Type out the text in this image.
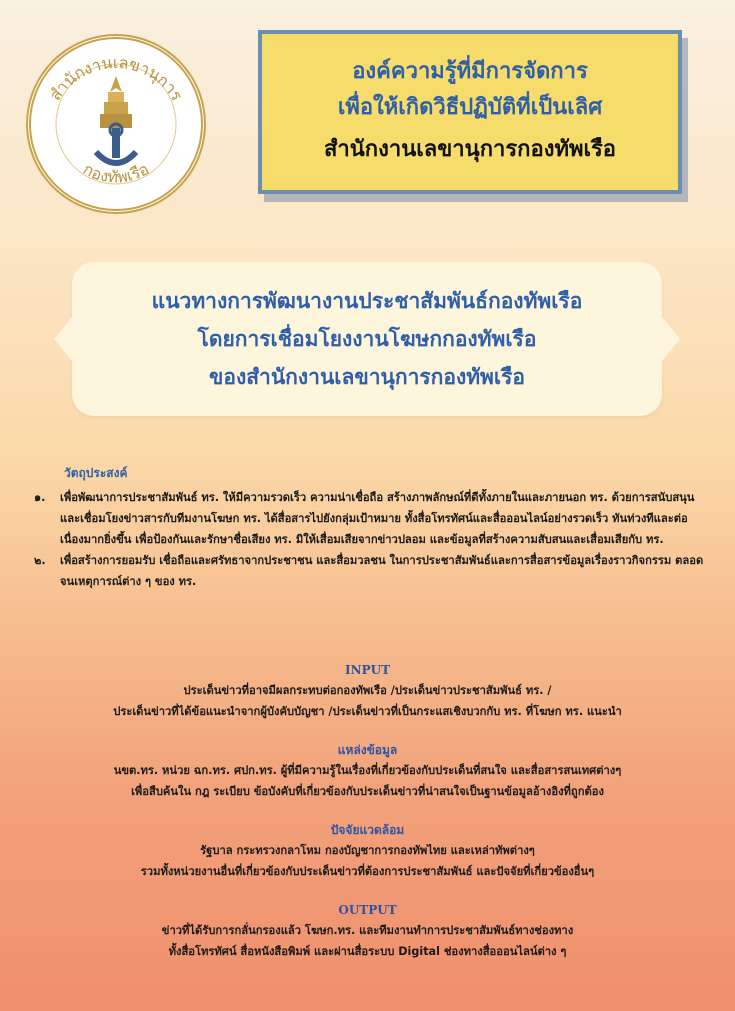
สำนักงานเลขานุการ
กองทัพเรือ
องค์ความรู้ที่มีการจัดการ
เพื่อให้เกิดวิธีปฏิบัติที่เป็นเลิศ
สำนักงานเลขานุการกองทัพเรือ
แนวทางการพัฒนางานประชาสัมพันธ์กองทัพเรือ
โดยการเชื่อมโยงงานโฆษกกองทัพเรือ
ของสำนักงานเลขานุการกองทัพเรือ
วัตถุประสงค์
๑.	เพื่อพัฒนาการประชาสัมพันธ์ ทร. ให้มีความรวดเร็ว ความน่าเชื่อถือ สร้างภาพลักษณ์ที่ดีทั้งภายในและภายนอก ทร. ด้วยการสนับสนุนและเชื่อมโยงข่าวสารกับทีมงานโฆษก ทร. ได้สื่อสารไปยังกลุ่มเป้าหมาย ทั้งสื่อโทรทัศน์และสื่อออนไลน์อย่างรวดเร็ว ทันท่วงทีและต่อเนื่องมากยิ่งขึ้น เพื่อป้องกันและรักษาชื่อเสียง ทร. มิให้เสื่อมเสียจากข่าวปลอม และข้อมูลที่สร้างความสับสนและเสื่อมเสียกับ ทร.
๒.	เพื่อสร้างการยอมรับ เชื่อถือและศรัทธาจากประชาชน และสื่อมวลชน ในการประชาสัมพันธ์และการสื่อสารข้อมูลเรื่องราวกิจกรรม ตลอดจนเหตุการณ์ต่าง ๆ ของ ทร.
INPUT
ประเด็นข่าวที่อาจมีผลกระทบต่อกองทัพเรือ /ประเด็นข่าวประชาสัมพันธ์ ทร. /
ประเด็นข่าวที่ได้ข้อแนะนำจากผู้บังคับบัญชา /ประเด็นข่าวที่เป็นกระแสเชิงบวกกับ ทร. ที่โฆษก ทร. แนะนำ
แหล่งข้อมูล
นขต.ทร. หน่วย ฉก.ทร. ศปก.ทร. ผู้ที่มีความรู้ในเรื่องที่เกี่ยวข้องกับประเด็นที่สนใจ และสื่อสารสนเทศต่างๆ
เพื่อสืบค้นใน กฎ ระเบียบ ข้อบังคับที่เกี่ยวข้องกับประเด็นข่าวที่น่าสนใจเป็นฐานข้อมูลอ้างอิงที่ถูกต้อง
ปัจจัยแวดล้อม
รัฐบาล กระทรวงกลาโหม กองบัญชาการกองทัพไทย และเหล่าทัพต่างๆ
รวมทั้งหน่วยงานอื่นที่เกี่ยวข้องกับประเด็นข่าวที่ต้องการประชาสัมพันธ์ และปัจจัยที่เกี่ยวข้องอื่นๆ
OUTPUT
ข่าวที่ได้รับการกลั่นกรองแล้ว โฆษก.ทร. และทีมงานทำการประชาสัมพันธ์ทางช่องทาง
ทั้งสื่อโทรทัศน์ สื่อหนังสือพิมพ์ และผ่านสื่อระบบ Digital ช่องทางสื่อออนไลน์ต่าง ๆ
